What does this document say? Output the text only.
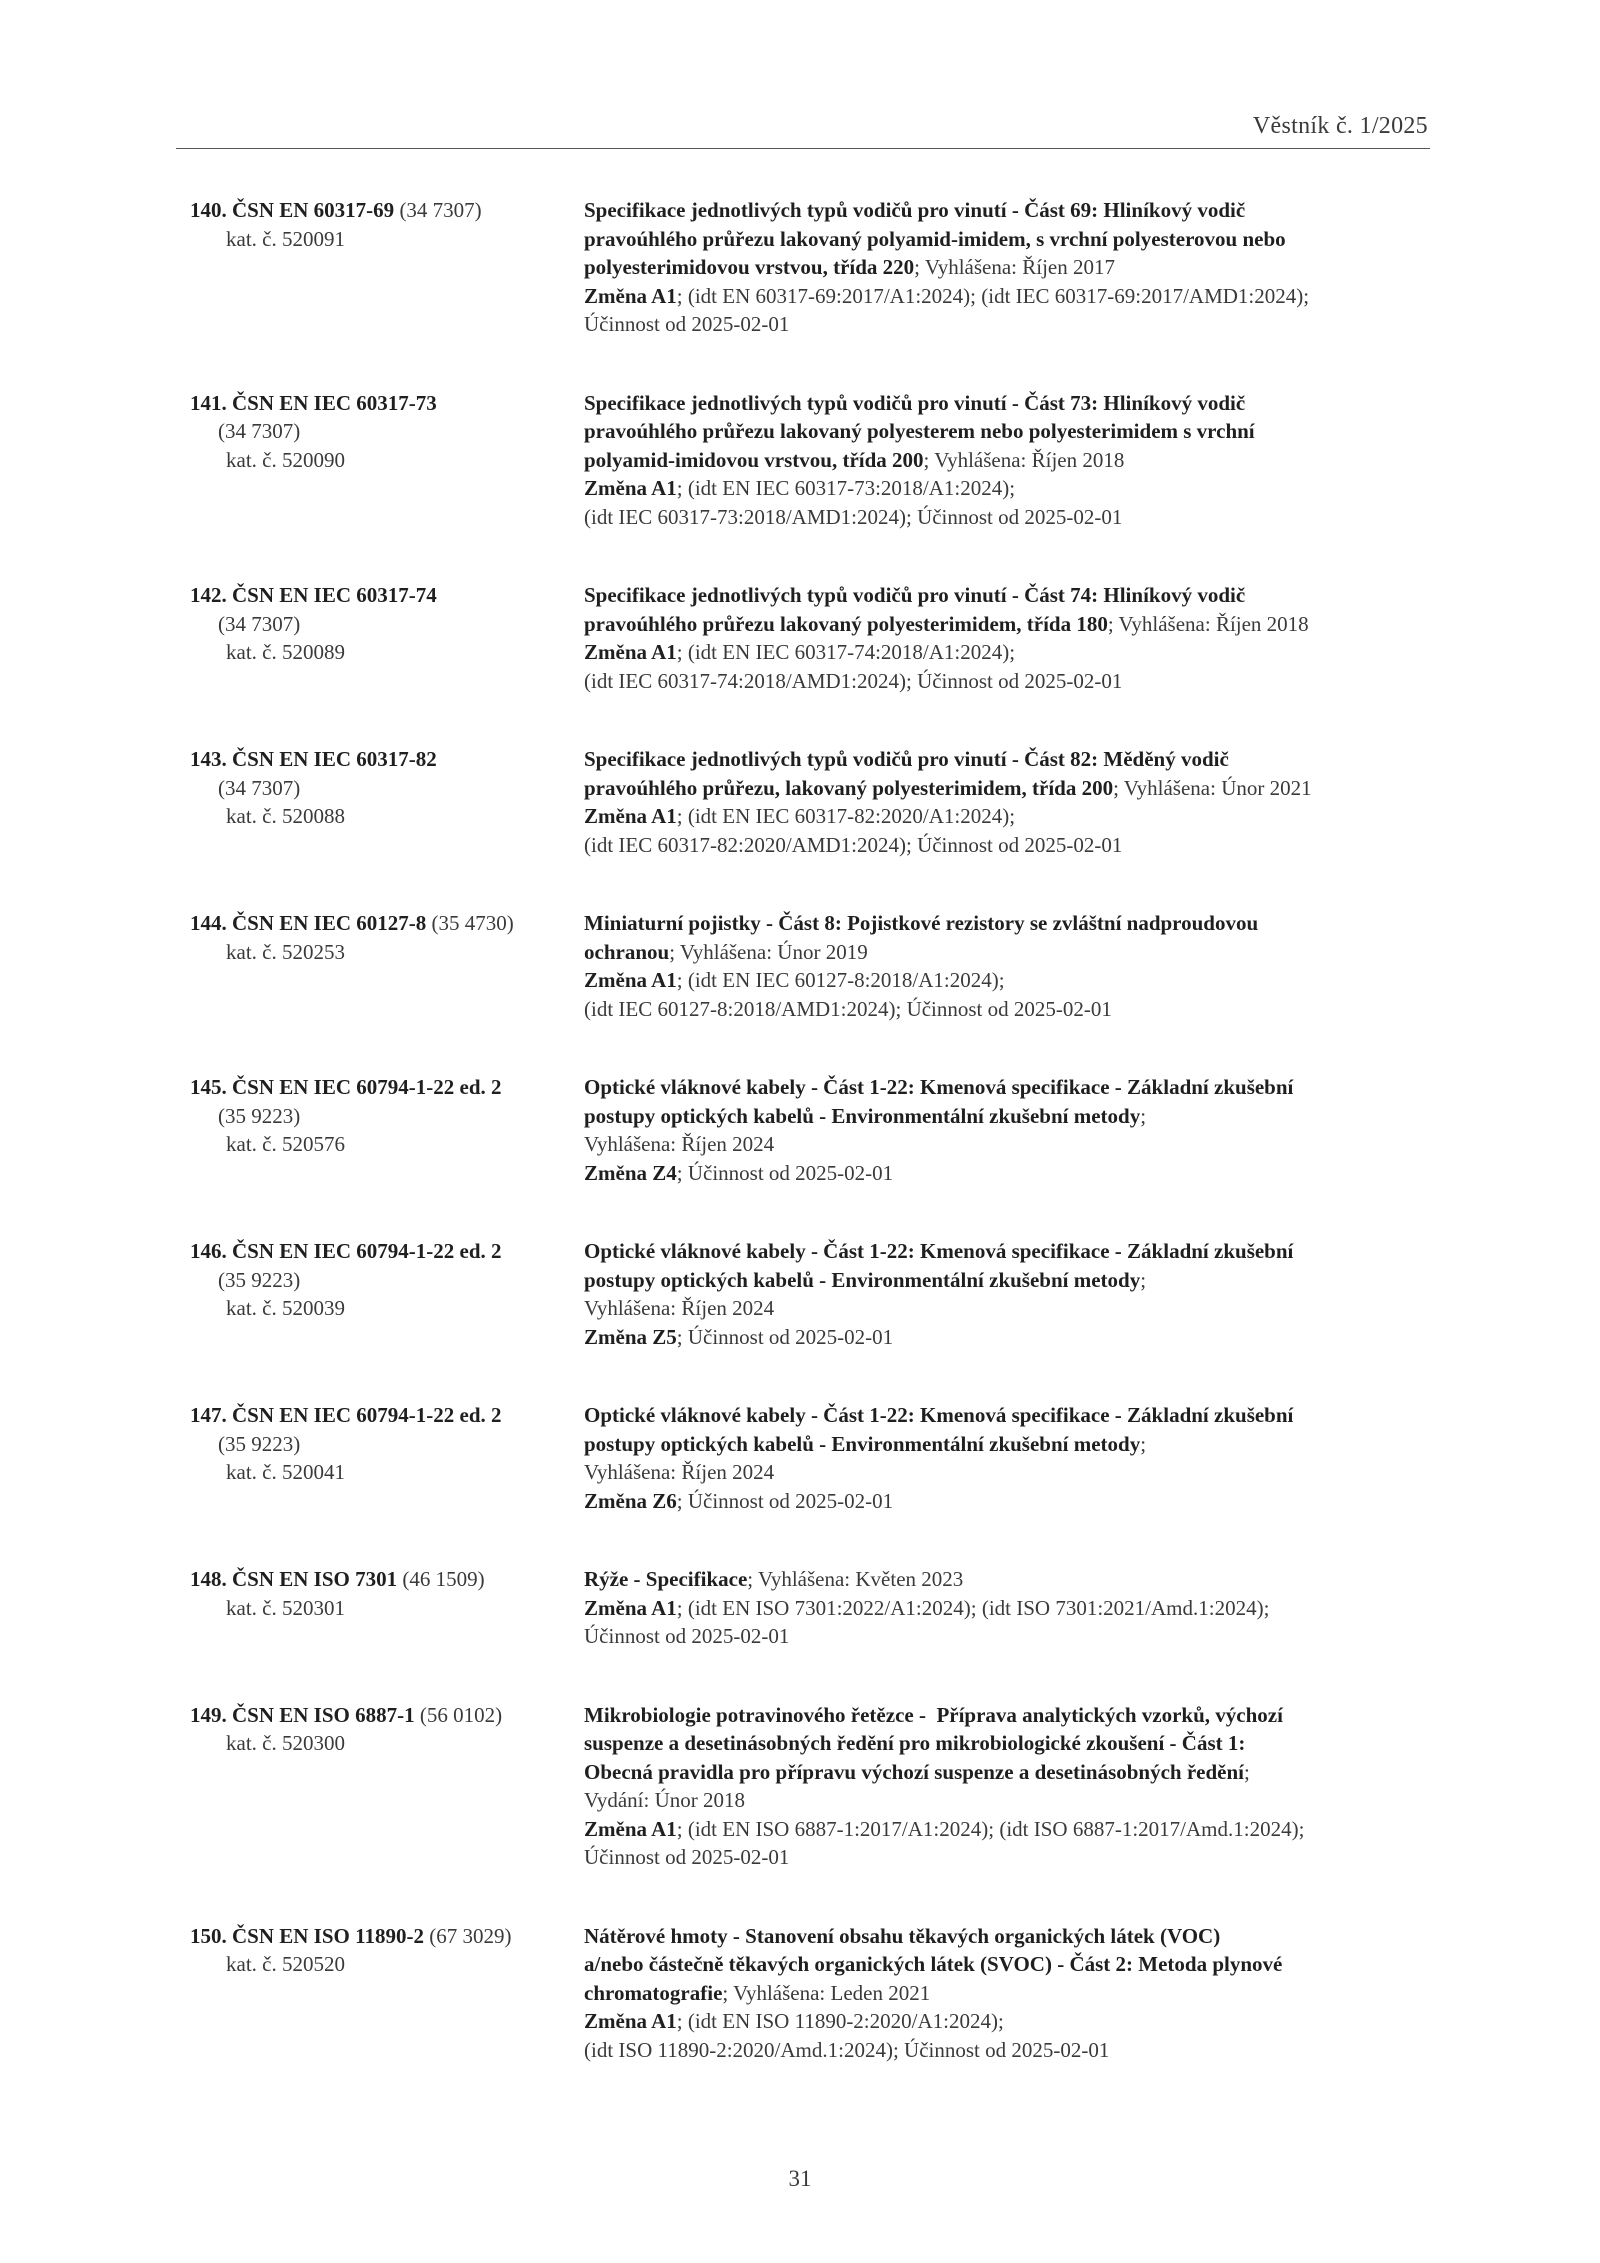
Věstník č. 1/2025
140. ČSN EN 60317-69 (34 7307)
kat. č. 520091
Specifikace jednotlivých typů vodičů pro vinutí - Část 69: Hliníkový vodič
pravoúhlého průřezu lakovaný polyamid-imidem, s vrchní polyesterovou nebo
polyesterimidovou vrstvou, třída 220; Vyhlášena: Říjen 2017
Změna A1; (idt EN 60317-69:2017/A1:2024); (idt IEC 60317-69:2017/AMD1:2024);
Účinnost od 2025-02-01
141. ČSN EN IEC 60317-73
(34 7307)
kat. č. 520090
Specifikace jednotlivých typů vodičů pro vinutí - Část 73: Hliníkový vodič
pravoúhlého průřezu lakovaný polyesterem nebo polyesterimidem s vrchní
polyamid-imidovou vrstvou, třída 200; Vyhlášena: Říjen 2018
Změna A1; (idt EN IEC 60317-73:2018/A1:2024);
(idt IEC 60317-73:2018/AMD1:2024); Účinnost od 2025-02-01
142. ČSN EN IEC 60317-74
(34 7307)
kat. č. 520089
Specifikace jednotlivých typů vodičů pro vinutí - Část 74: Hliníkový vodič
pravoúhlého průřezu lakovaný polyesterimidem, třída 180; Vyhlášena: Říjen 2018
Změna A1; (idt EN IEC 60317-74:2018/A1:2024);
(idt IEC 60317-74:2018/AMD1:2024); Účinnost od 2025-02-01
143. ČSN EN IEC 60317-82
(34 7307)
kat. č. 520088
Specifikace jednotlivých typů vodičů pro vinutí - Část 82: Měděný vodič
pravoúhlého průřezu, lakovaný polyesterimidem, třída 200; Vyhlášena: Únor 2021
Změna A1; (idt EN IEC 60317-82:2020/A1:2024);
(idt IEC 60317-82:2020/AMD1:2024); Účinnost od 2025-02-01
144. ČSN EN IEC 60127-8 (35 4730)
kat. č. 520253
Miniaturní pojistky - Část 8: Pojistkové rezistory se zvláštní nadproudovou
ochranou; Vyhlášena: Únor 2019
Změna A1; (idt EN IEC 60127-8:2018/A1:2024);
(idt IEC 60127-8:2018/AMD1:2024); Účinnost od 2025-02-01
145. ČSN EN IEC 60794-1-22 ed. 2
(35 9223)
kat. č. 520576
Optické vláknové kabely - Část 1-22: Kmenová specifikace - Základní zkušební
postupy optických kabelů - Environmentální zkušební metody;
Vyhlášena: Říjen 2024
Změna Z4; Účinnost od 2025-02-01
146. ČSN EN IEC 60794-1-22 ed. 2
(35 9223)
kat. č. 520039
Optické vláknové kabely - Část 1-22: Kmenová specifikace - Základní zkušební
postupy optických kabelů - Environmentální zkušební metody;
Vyhlášena: Říjen 2024
Změna Z5; Účinnost od 2025-02-01
147. ČSN EN IEC 60794-1-22 ed. 2
(35 9223)
kat. č. 520041
Optické vláknové kabely - Část 1-22: Kmenová specifikace - Základní zkušební
postupy optických kabelů - Environmentální zkušební metody;
Vyhlášena: Říjen 2024
Změna Z6; Účinnost od 2025-02-01
148. ČSN EN ISO 7301 (46 1509)
kat. č. 520301
Rýže - Specifikace; Vyhlášena: Květen 2023
Změna A1; (idt EN ISO 7301:2022/A1:2024); (idt ISO 7301:2021/Amd.1:2024);
Účinnost od 2025-02-01
149. ČSN EN ISO 6887-1 (56 0102)
kat. č. 520300
Mikrobiologie potravinového řetězce -  Příprava analytických vzorků, výchozí
suspenze a desetinásobných ředění pro mikrobiologické zkoušení - Část 1:
Obecná pravidla pro přípravu výchozí suspenze a desetinásobných ředění;
Vydání: Únor 2018
Změna A1; (idt EN ISO 6887-1:2017/A1:2024); (idt ISO 6887-1:2017/Amd.1:2024);
Účinnost od 2025-02-01
150. ČSN EN ISO 11890-2 (67 3029)
kat. č. 520520
Nátěrové hmoty - Stanovení obsahu těkavých organických látek (VOC)
a/nebo částečně těkavých organických látek (SVOC) - Část 2: Metoda plynové
chromatografie; Vyhlášena: Leden 2021
Změna A1; (idt EN ISO 11890-2:2020/A1:2024);
(idt ISO 11890-2:2020/Amd.1:2024); Účinnost od 2025-02-01
31
